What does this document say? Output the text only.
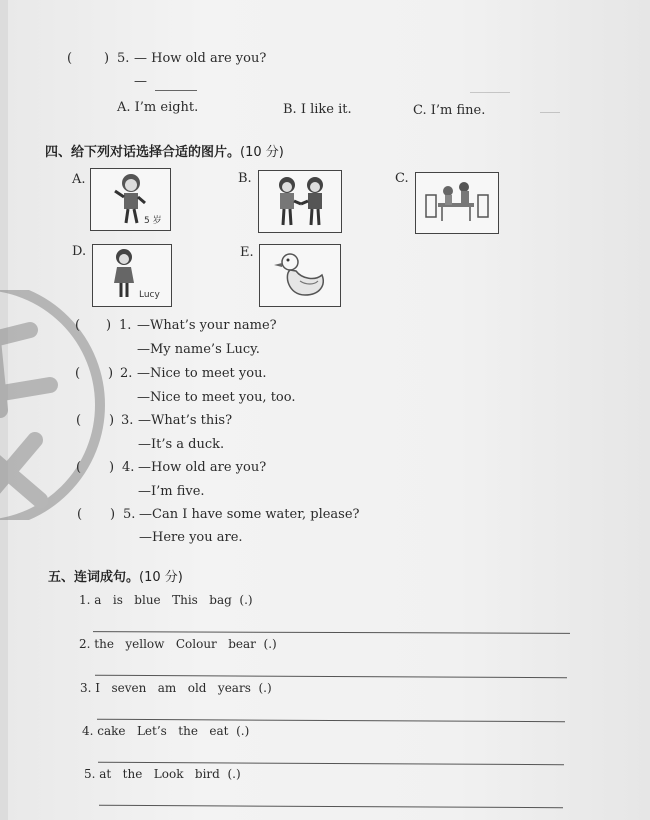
( ) 5. — How old are you?
—
A. I’m eight.	B. I like it.	C. I’m fine.
四、给下列对话选择合适的图片。(10 分)
A.
5 岁
B.	C.
D.
Lucy
E.
( ) 1. —What’s your name?
—My name’s Lucy.
( ) 2. —Nice to meet you.
—Nice to meet you, too.
( ) 3. —What’s this?
—It’s a duck.
( ) 4. —How old are you?
—I’m five.
( ) 5. —Can I have some water, please?
—Here you are.
五、连词成句。(10 分)
1. a   is   blue   This   bag  (.)
2. the   yellow   Colour   bear  (.)
3. I   seven   am   old   years  (.)
4. cake   Let’s   the   eat  (.)
5. at   the   Look   bird  (.)
